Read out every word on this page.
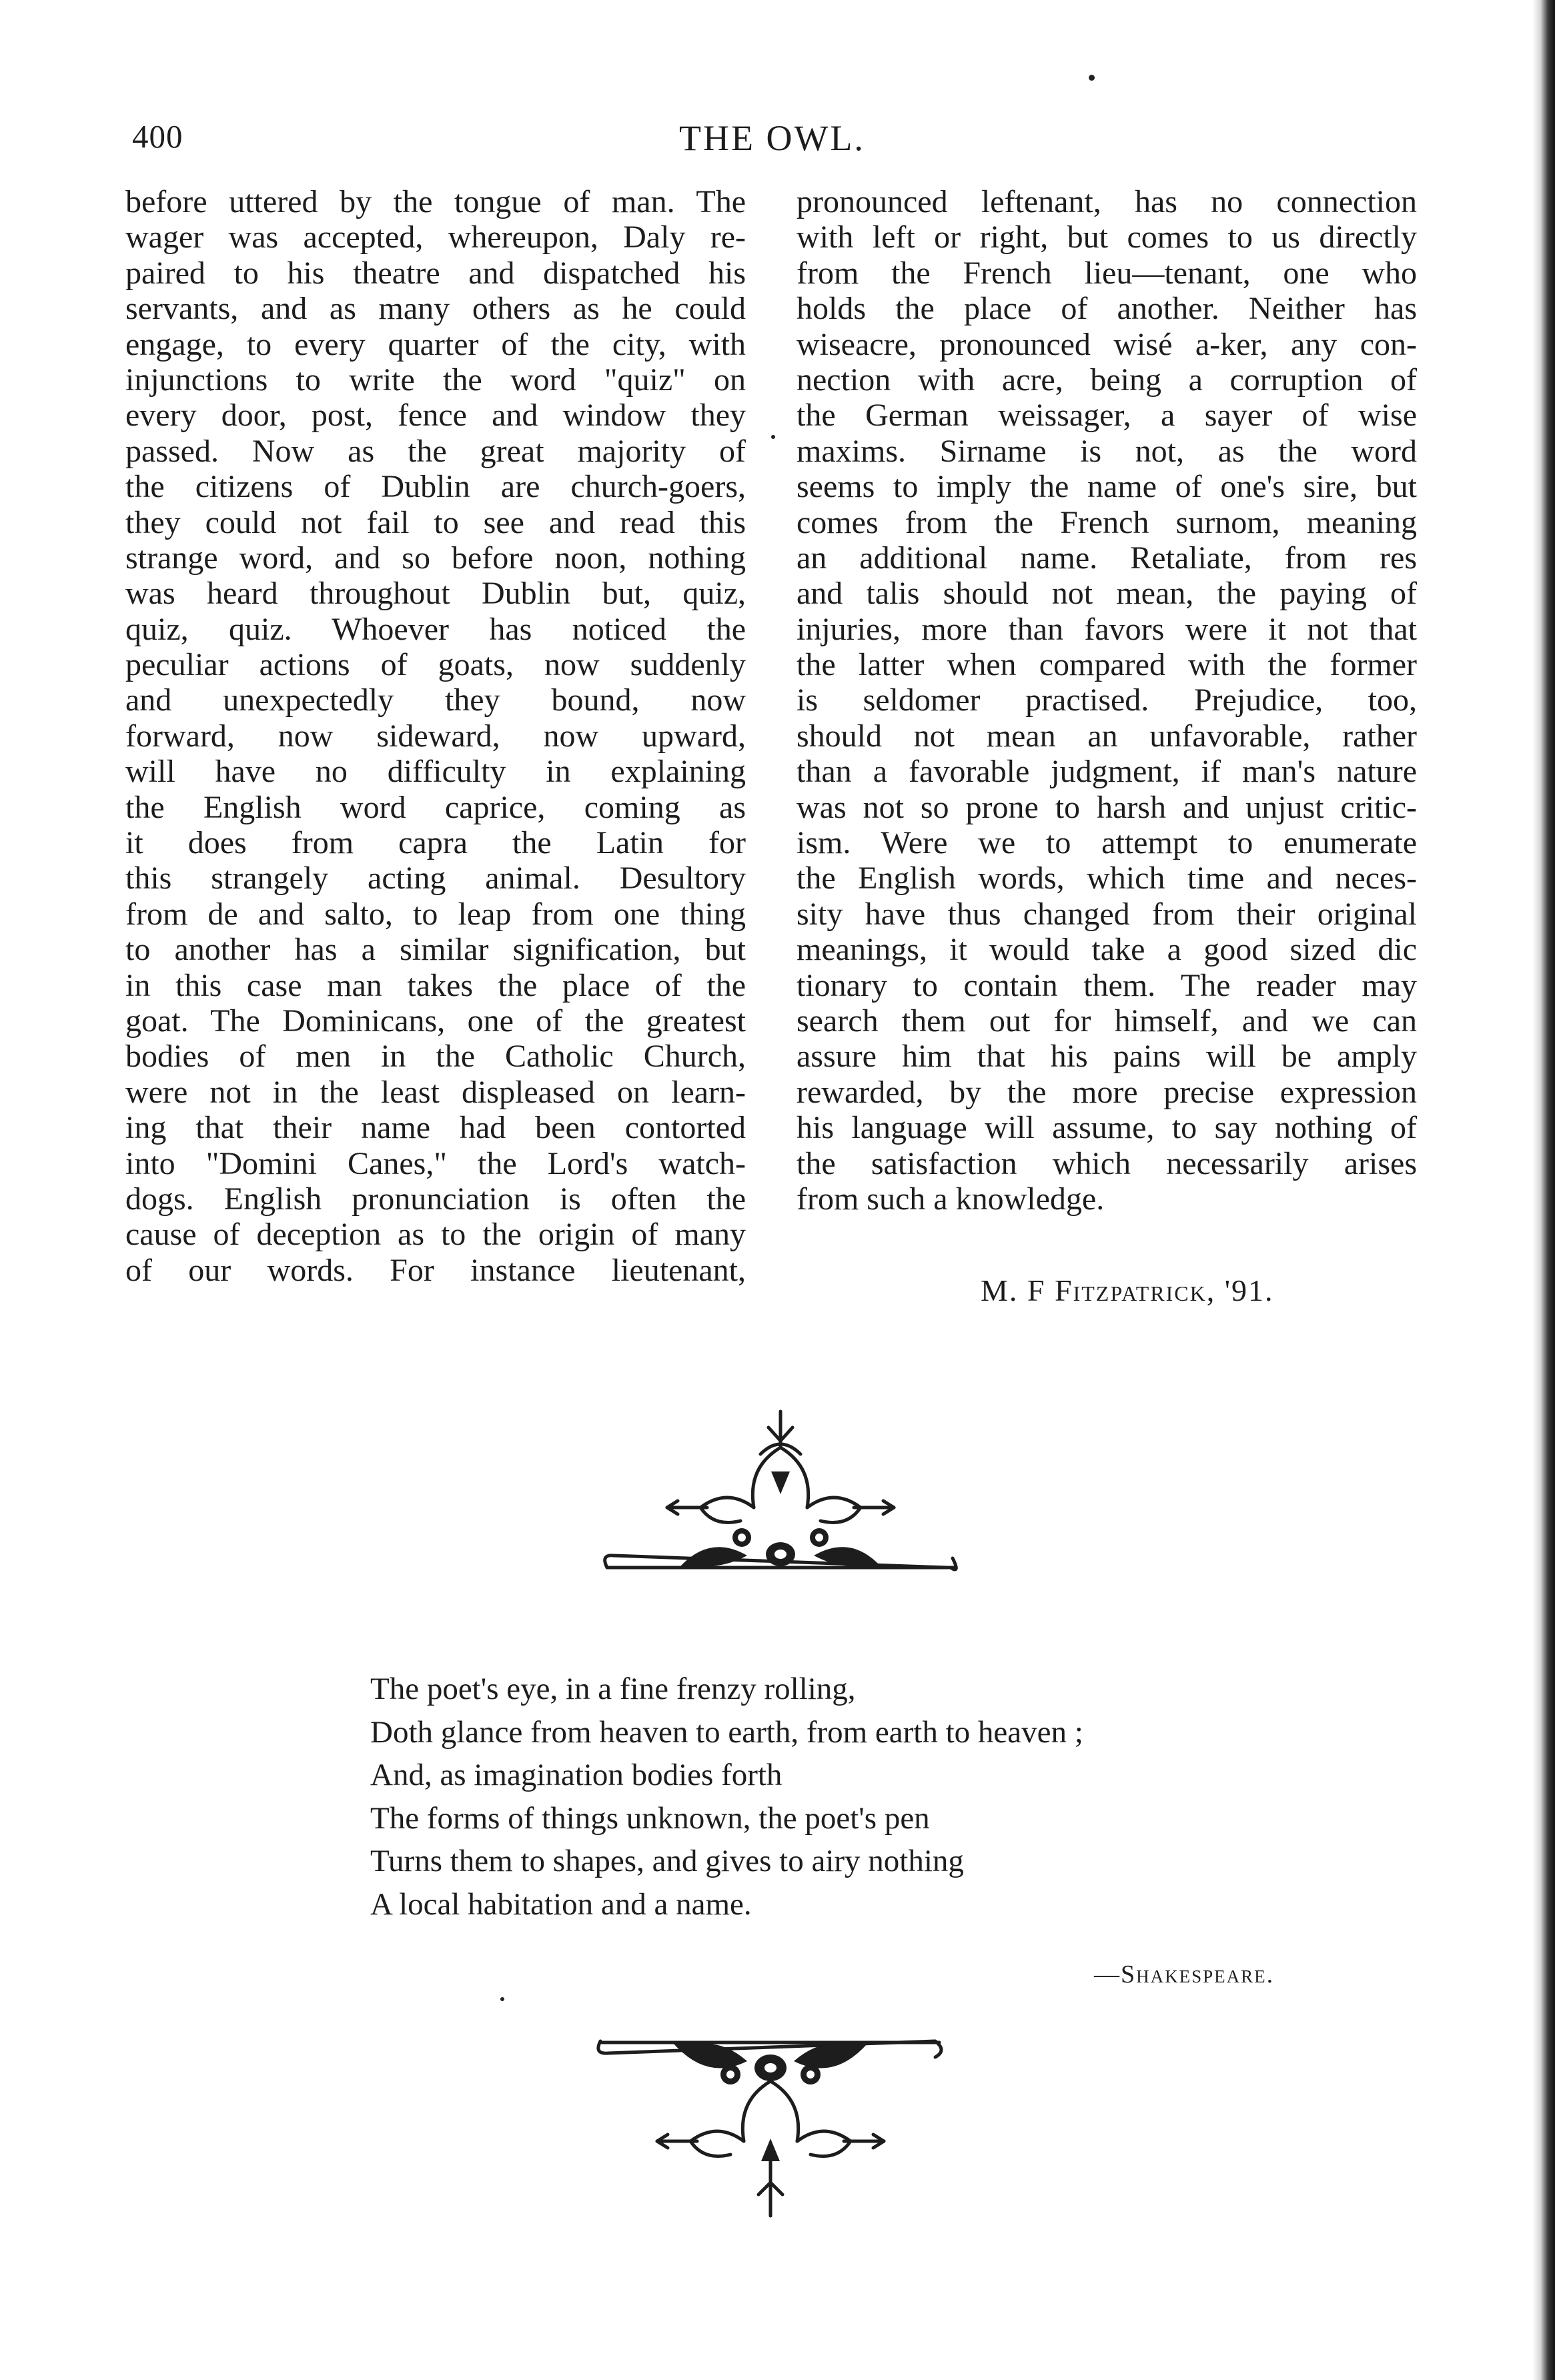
400	THE OWL.
before uttered by the tongue of man. The
wager was accepted, whereupon, Daly re-
paired to his theatre and dispatched his
servants, and as many others as he could
engage, to every quarter of the city, with
injunctions to write the word "quiz" on
every door, post, fence and window they
passed. Now as the great majority of
the citizens of Dublin are church-goers,
they could not fail to see and read this
strange word, and so before noon, nothing
was heard throughout Dublin but, quiz,
quiz, quiz. Whoever has noticed the
peculiar actions of goats, now suddenly
and unexpectedly they bound, now
forward, now sideward, now upward,
will have no difficulty in explaining
the English word caprice, coming as
it does from capra the Latin for
this strangely acting animal. Desultory
from de and salto, to leap from one thing
to another has a similar signification, but
in this case man takes the place of the
goat. The Dominicans, one of the greatest
bodies of men in the Catholic Church,
were not in the least displeased on learn-
ing that their name had been contorted
into "Domini Canes," the Lord's watch-
dogs. English pronunciation is often the
cause of deception as to the origin of many
of our words. For instance lieutenant,
pronounced leftenant, has no connection
with left or right, but comes to us directly
from the French lieu—tenant, one who
holds the place of another. Neither has
wiseacre, pronounced wisé a-ker, any con-
nection with acre, being a corruption of
the German weissager, a sayer of wise
maxims. Sirname is not, as the word
seems to imply the name of one's sire, but
comes from the French surnom, meaning
an additional name. Retaliate, from res
and talis should not mean, the paying of
injuries, more than favors were it not that
the latter when compared with the former
is seldomer practised. Prejudice, too,
should not mean an unfavorable, rather
than a favorable judgment, if man's nature
was not so prone to harsh and unjust critic-
ism. Were we to attempt to enumerate
the English words, which time and neces-
sity have thus changed from their original
meanings, it would take a good sized dic
tionary to contain them. The reader may
search them out for himself, and we can
assure him that his pains will be amply
rewarded, by the more precise expression
his language will assume, to say nothing of
the satisfaction which necessarily arises
from such a knowledge.
M. F Fitzpatrick, '91.
The poet's eye, in a fine frenzy rolling,
Doth glance from heaven to earth, from earth to heaven ;
And, as imagination bodies forth
The forms of things unknown, the poet's pen
Turns them to shapes, and gives to airy nothing
A local habitation and a name.
—Shakespeare.
